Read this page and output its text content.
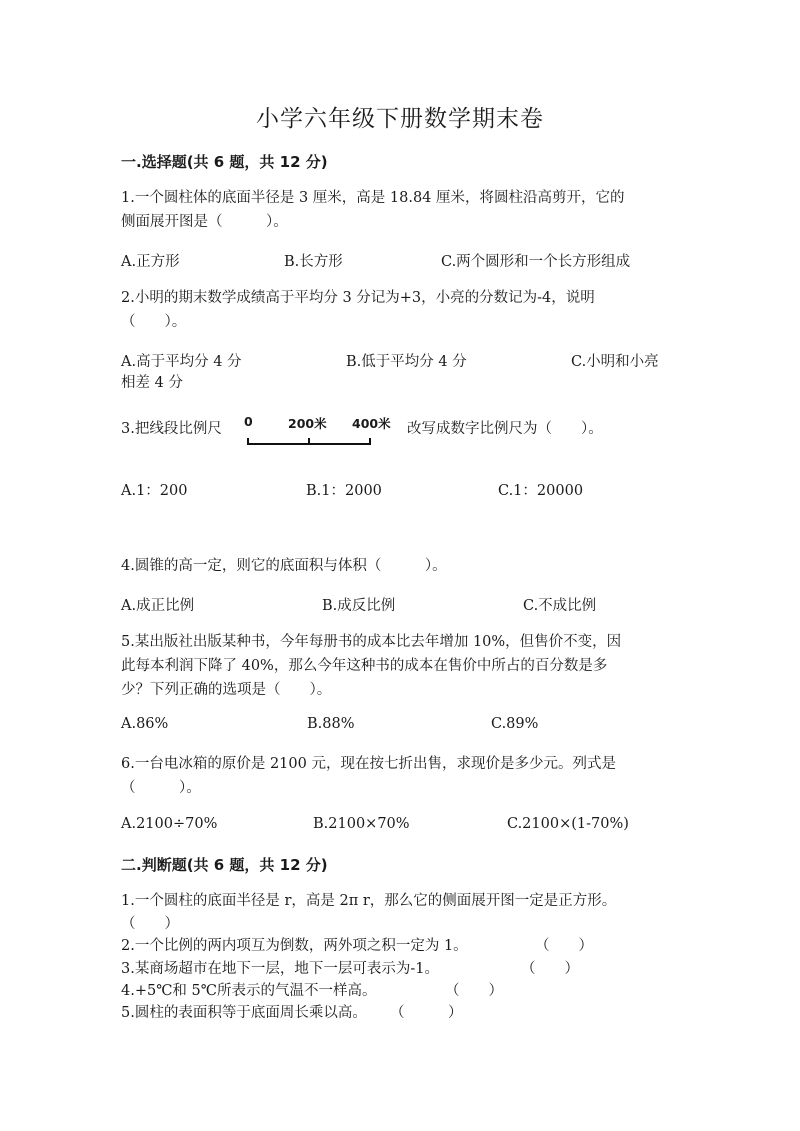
小学六年级下册数学期末卷
一.选择题(共 6 题，共 12 分)
1.一个圆柱体的底面半径是 3 厘米，高是 18.84 厘米，将圆柱沿高剪开，它的
侧面展开图是（　　　）。
A.正方形	B.长方形	C.两个圆形和一个长方形组成
2.小明的期末数学成绩高于平均分 3 分记为+3，小亮的分数记为-4，说明
（　　）。
A.高于平均分 4 分	B.低于平均分 4 分	C.小明和小亮
相差 4 分
3.把线段比例尺 0	200米 400米 改写成数字比例尺为（　　）。
A.1：200	B.1：2000	C.1：20000
4.圆锥的高一定，则它的底面积与体积（　　　）。
A.成正比例	B.成反比例	C.不成比例
5.某出版社出版某种书，今年每册书的成本比去年增加 10%，但售价不变，因
此每本利润下降了 40%，那么今年这种书的成本在售价中所占的百分数是多
少？下列正确的选项是（　　）。
A.86%	B.88%	C.89%
6.一台电冰箱的原价是 2100 元，现在按七折出售，求现价是多少元。列式是
（　　　）。
A.2100÷70%	B.2100×70%	C.2100×(1-70%)
二.判断题(共 6 题，共 12 分)
1.一个圆柱的底面半径是 r，高是 2π r，那么它的侧面展开图一定是正方形。
（　　）
2.一个比例的两内项互为倒数，两外项之积一定为 1。	（　　）
3.某商场超市在地下一层，地下一层可表示为-1。	（　　）
4.+5℃和 5℃所表示的气温不一样高。	（　　）
5.圆柱的表面积等于底面周长乘以高。 （　　　）
